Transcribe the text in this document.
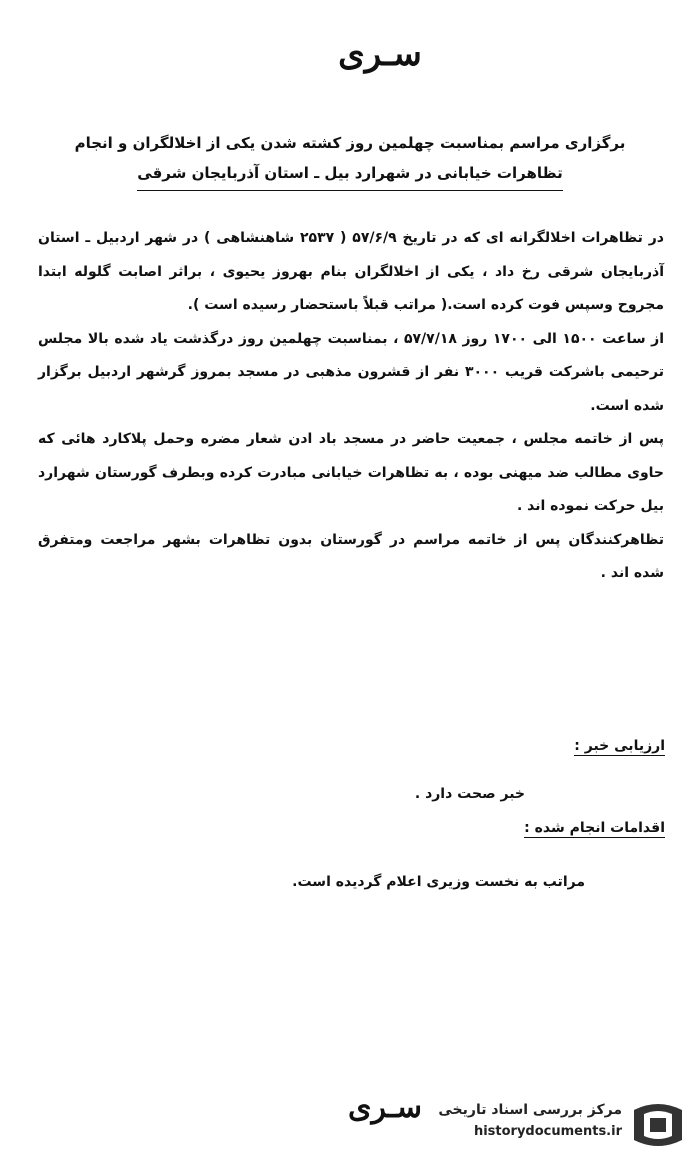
سـری
برگزاری مراسم بمناسبت چهلمین روز کشته شدن یکی از اخلالگران و انجام
تظاهرات خیابانی در شهرارد بیل ـ استان آذربایجان شرقی

در تظاهرات اخلالگرانه ای که در تاریخ ۵۷/۶/۹ ( ۲۵۳۷ شاهنشاهی ) در شهر اردبیل ـ استان آذربایجان شرقی رخ داد ، یکی از اخلالگران بنام بهروز یحیوی ، براثر اصابت گلوله ابتدا مجروح وسپس فوت کرده است.( مراتب قبلاً باستحضار رسیده است ).

از ساعت ۱۵۰۰ الی ۱۷۰۰ روز ۵۷/۷/۱۸ ، بمناسبت چهلمین روز درگذشت یاد شده بالا مجلس ترحیمی باشرکت قریب ۳۰۰۰ نفر از قشرون مذهبی در مسجد بمروز گرشهر اردبیل برگزار شده است.

پس از خاتمه مجلس ، جمعیت حاضر در مسجد باد ادن شعار مضره وحمل پلاکارد هائی که حاوی مطالب ضد میهنی بوده ، به تظاهرات خیابانی مبادرت کرده وبطرف گورستان شهرارد بیل حرکت نموده اند .

تظاهرکنندگان پس از خاتمه مراسم در گورستان بدون تظاهرات بشهر مراجعت ومتفرق شده اند .

ارزیابی خبر :
خبر صحت دارد .
اقدامات انجام شده :
مراتب به نخست وزیری اعلام گردیده است.
سـری	مرکز بررسی اسناد تاریخی
historydocuments.ir
